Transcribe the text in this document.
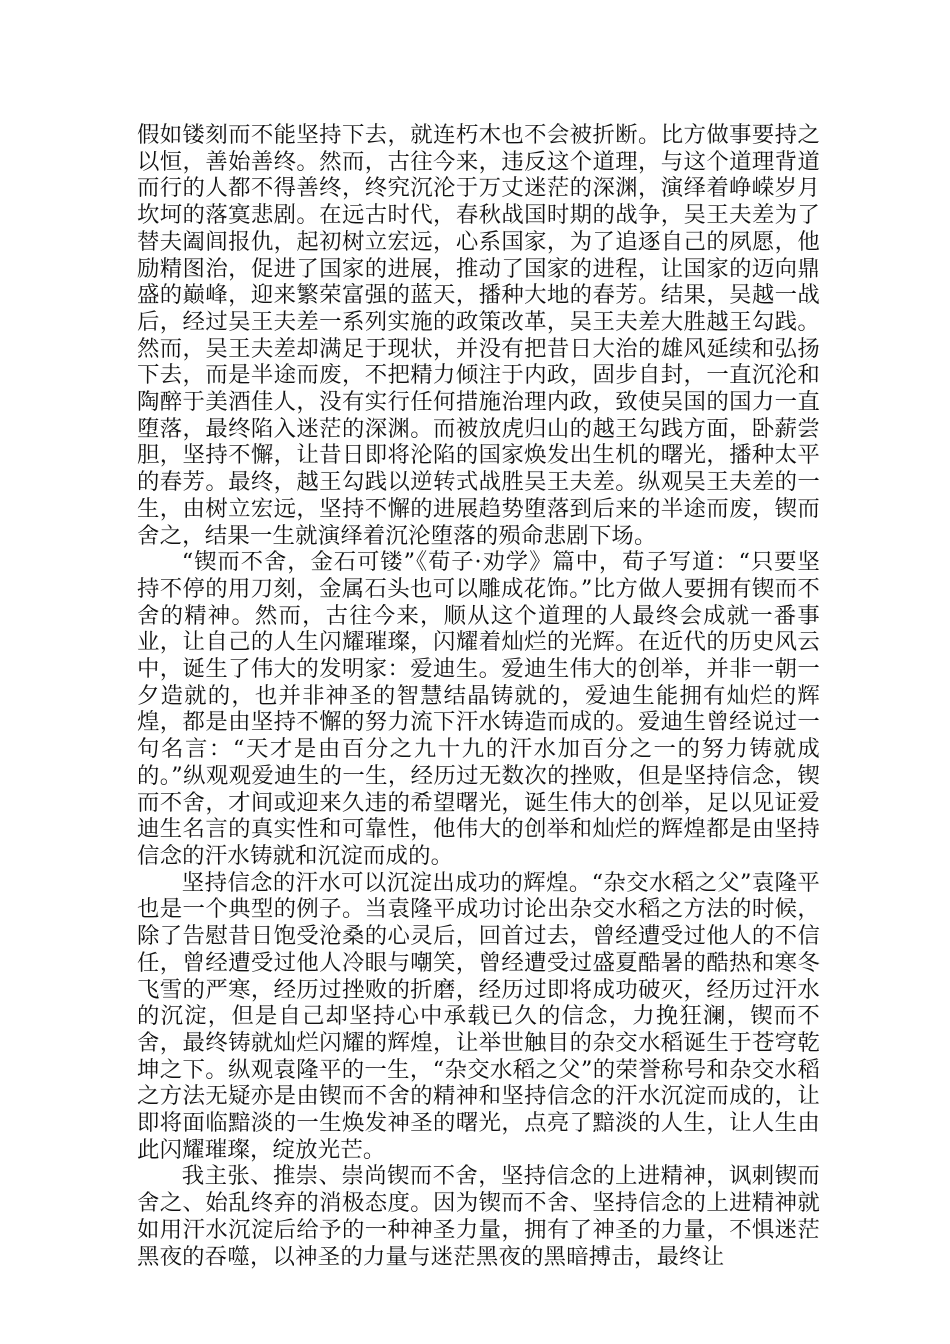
假如镂刻而不能坚持下去，就连朽木也不会被折断。比方做事要持之以恒，善始善终。然而，古往今来，违反这个道理，与这个道理背道而行的人都不得善终，终究沉沦于万丈迷茫的深渊，演绎着峥嵘岁月坎坷的落寞悲剧。在远古时代，春秋战国时期的战争，吴王夫差为了替夫阖闾报仇，起初树立宏远，心系国家，为了追逐自己的夙愿，他励精图治，促进了国家的进展，推动了国家的进程，让国家的迈向鼎盛的巅峰，迎来繁荣富强的蓝天，播种大地的春芳。结果，吴越一战后，经过吴王夫差一系列实施的政策改革，吴王夫差大胜越王勾践。然而，吴王夫差却满足于现状，并没有把昔日大治的雄风延续和弘扬下去，而是半途而废，不把精力倾注于内政，固步自封，一直沉沦和陶醉于美酒佳人，没有实行任何措施治理内政，致使吴国的国力一直堕落，最终陷入迷茫的深渊。而被放虎归山的越王勾践方面，卧薪尝胆，坚持不懈，让昔日即将沦陷的国家焕发出生机的曙光，播种太平的春芳。最终，越王勾践以逆转式战胜吴王夫差。纵观吴王夫差的一生，由树立宏远，坚持不懈的进展趋势堕落到后来的半途而废，锲而舍之，结果一生就演绎着沉沦堕落的殒命悲剧下场。

“锲而不舍，金石可镂”《荀子·劝学》篇中，荀子写道：“只要坚持不停的用刀刻，金属石头也可以雕成花饰。”比方做人要拥有锲而不舍的精神。然而，古往今来，顺从这个道理的人最终会成就一番事业，让自己的人生闪耀璀璨，闪耀着灿烂的光辉。在近代的历史风云中，诞生了伟大的发明家：爱迪生。爱迪生伟大的创举，并非一朝一夕造就的，也并非神圣的智慧结晶铸就的，爱迪生能拥有灿烂的辉煌，都是由坚持不懈的努力流下汗水铸造而成的。爱迪生曾经说过一句名言：“天才是由百分之九十九的汗水加百分之一的努力铸就成的。”纵观观爱迪生的一生，经历过无数次的挫败，但是坚持信念，锲而不舍，才间或迎来久违的希望曙光，诞生伟大的创举，足以见证爱迪生名言的真实性和可靠性，他伟大的创举和灿烂的辉煌都是由坚持信念的汗水铸就和沉淀而成的。

坚持信念的汗水可以沉淀出成功的辉煌。“杂交水稻之父”袁隆平也是一个典型的例子。当袁隆平成功讨论出杂交水稻之方法的时候，除了告慰昔日饱受沧桑的心灵后，回首过去，曾经遭受过他人的不信任，曾经遭受过他人冷眼与嘲笑，曾经遭受过盛夏酷暑的酷热和寒冬飞雪的严寒，经历过挫败的折磨，经历过即将成功破灭，经历过汗水的沉淀，但是自己却坚持心中承载已久的信念，力挽狂澜，锲而不舍，最终铸就灿烂闪耀的辉煌，让举世触目的杂交水稻诞生于苍穹乾坤之下。纵观袁隆平的一生，“杂交水稻之父”的荣誉称号和杂交水稻之方法无疑亦是由锲而不舍的精神和坚持信念的汗水沉淀而成的，让即将面临黯淡的一生焕发神圣的曙光，点亮了黯淡的人生，让人生由此闪耀璀璨，绽放光芒。

我主张、推崇、崇尚锲而不舍，坚持信念的上进精神，讽刺锲而舍之、始乱终弃的消极态度。因为锲而不舍、坚持信念的上进精神就如用汗水沉淀后给予的一种神圣力量，拥有了神圣的力量，不惧迷茫黑夜的吞噬，以神圣的力量与迷茫黑夜的黑暗搏击，最终让
